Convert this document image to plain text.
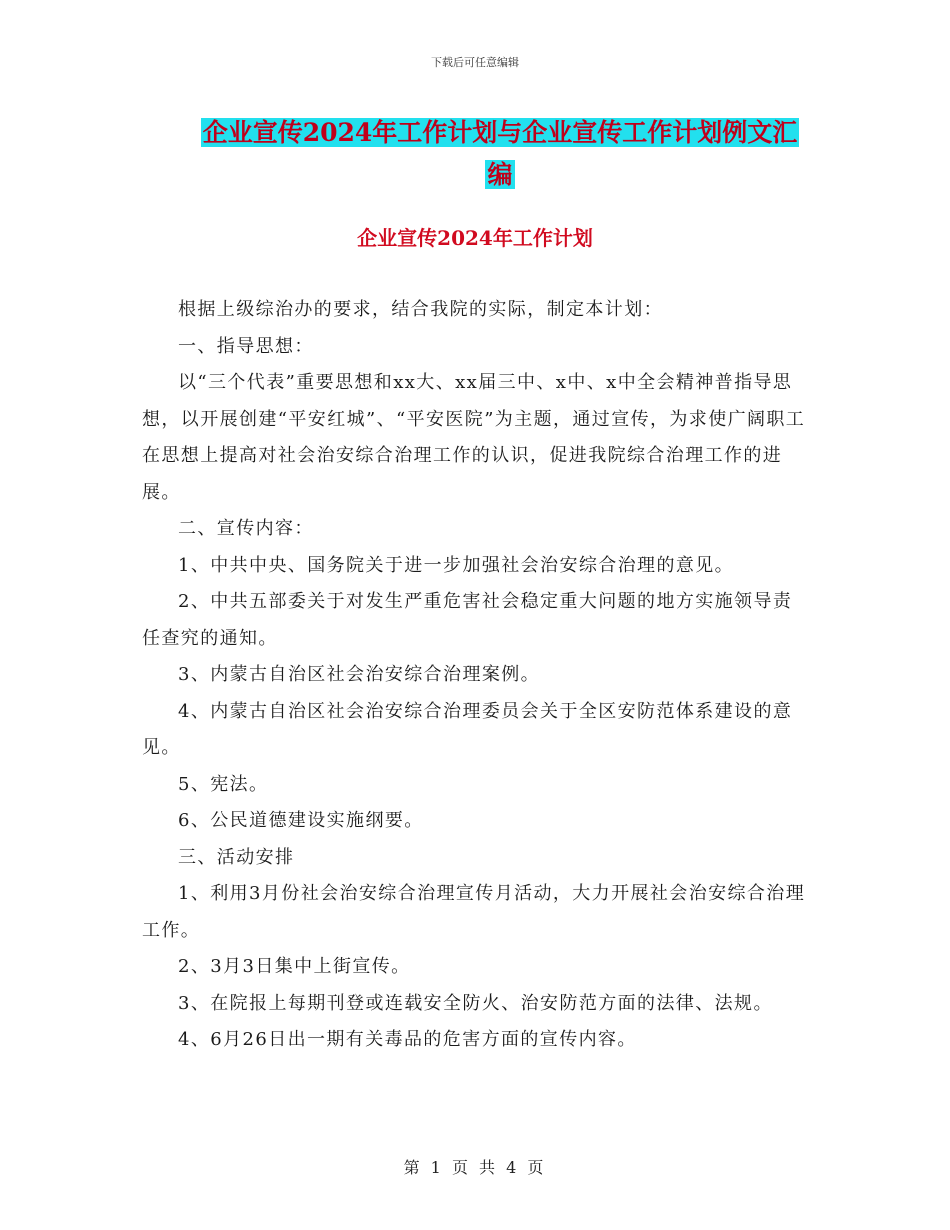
下载后可任意编辑
企业宣传2024年工作计划与企业宣传工作计划例文汇
编
企业宣传2024年工作计划

根据上级综治办的要求，结合我院的实际，制定本计划：

一、指导思想：

以“三个代表”重要思想和xx大、xx届三中、x中、x中全会精神普指导思想，以开展创建“平安红城”、“平安医院”为主题，通过宣传，为求使广阔职工在思想上提高对社会治安综合治理工作的认识，促进我院综合治理工作的进展。

二、宣传内容：

1、中共中央、国务院关于进一步加强社会治安综合治理的意见。

2、中共五部委关于对发生严重危害社会稳定重大问题的地方实施领导责任查究的通知。

3、内蒙古自治区社会治安综合治理案例。

4、内蒙古自治区社会治安综合治理委员会关于全区安防范体系建设的意见。

5、宪法。

6、公民道德建设实施纲要。

三、活动安排

1、利用3月份社会治安综合治理宣传月活动，大力开展社会治安综合治理工作。

2、3月3日集中上街宣传。

3、在院报上每期刊登或连载安全防火、治安防范方面的法律、法规。

4、6月26日出一期有关毒品的危害方面的宣传内容。

第 1 页 共 4 页
